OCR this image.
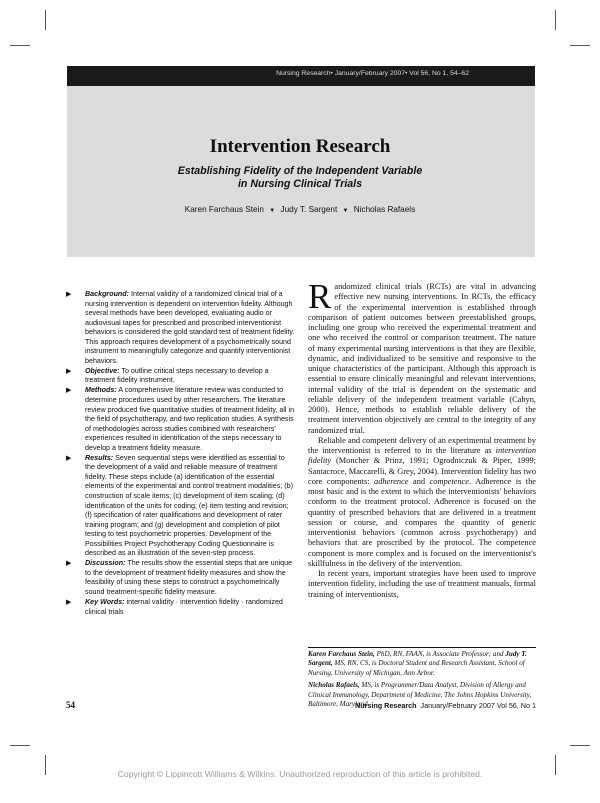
Nursing Research• January/February 2007• Vol 56, No 1, 54–62
Intervention Research
Establishing Fidelity of the Independent Variable
in Nursing Clinical Trials
Karen Farchaus Stein ▼ Judy T. Sargent ▼ Nicholas Rafaels
▶ Background: Internal validity of a randomized clinical trial of a nursing intervention is dependent on intervention fidelity. Although several methods have been developed, evaluating audio or audiovisual tapes for prescribed and proscribed interventionist behaviors is considered the gold standard test of treatment fidelity. This approach requires development of a psychometrically sound instrument to meaningfully categorize and quantify interventionist behaviors.
▶ Objective: To outline critical steps necessary to develop a treatment fidelity instrument.
▶ Methods: A comprehensive literature review was conducted to determine procedures used by other researchers. The literature review produced five quantitative studies of treatment fidelity, all in the field of psychotherapy, and two replication studies. A synthesis of methodologies across studies combined with researchers' experiences resulted in identification of the steps necessary to develop a treatment fidelity measure.
▶ Results: Seven sequential steps were identified as essential to the development of a valid and reliable measure of treatment fidelity. These steps include (a) identification of the essential elements of the experimental and control treatment modalities; (b) construction of scale items; (c) development of item scaling; (d) identification of the units for coding; (e) item testing and revision; (f) specification of rater qualifications and development of rater training program; and (g) development and completion of pilot testing to test psychometric properties. Development of the Possibilities Project Psychotherapy Coding Questionnaire is described as an illustration of the seven-step process.
▶ Discussion: The results show the essential steps that are unique to the development of treatment fidelity measures and show the feasibility of using these steps to construct a psychometrically sound treatment-specific fidelity measure.
▶ Key Words: internal validity · intervention fidelity · randomized clinical trials

Randomized clinical trials (RCTs) are vital in advancing effective new nursing interventions. In RCTs, the efficacy of the experimental intervention is established through comparison of patient outcomes between preestablished groups, including one group who received the experimental treatment and one who received the control or comparison treatment. The nature of many experimental nursing interventions is that they are flexible, dynamic, and individualized to be sensitive and responsive to the unique characteristics of the participant. Although this approach is essential to ensure clinically meaningful and relevant interventions, internal validity of the trial is dependent on the systematic and reliable delivery of the independent treatment variable (Cahyn, 2000). Hence, methods to establish reliable delivery of the treatment intervention objectively are central to the integrity of any randomized trial.

Reliable and competent delivery of an experimental treatment by the interventionist is referred to in the literature as intervention fidelity (Moncher & Prinz, 1991; Ogrodniczuk & Piper, 1999; Santacroce, Maccarelli, & Grey, 2004). Intervention fidelity has two core components: adherence and competence. Adherence is the most basic and is the extent to which the interventionists' behaviors conform to the treatment protocol. Adherence is focused on the quantity of prescribed behaviors that are delivered in a treatment session or course, and compares the quantity of generic interventionist behaviors (common across psychotherapy) and behaviors that are proscribed by the protocol. The competence component is more complex and is focused on the interventionist's skillfulness in the delivery of the intervention.

In recent years, important strategies have been used to improve intervention fidelity, including the use of treatment manuals, formal training of interventionists,

Karen Farchaus Stein, PhD, RN, FAAN, is Associate Professor; and Judy T. Sargent, MS, RN, CS, is Doctoral Student and Research Assistant, School of Nursing, University of Michigan, Ann Arbor.

Nicholas Rafaels, MS, is Programmer/Data Analyst, Division of Allergy and Clinical Immunology, Department of Medicine, The Johns Hopkins University, Baltimore, Maryland.

54	Nursing Research January/February 2007 Vol 56, No 1
Copyright © Lippincott Williams & Wilkins. Unauthorized reproduction of this article is prohibited.
